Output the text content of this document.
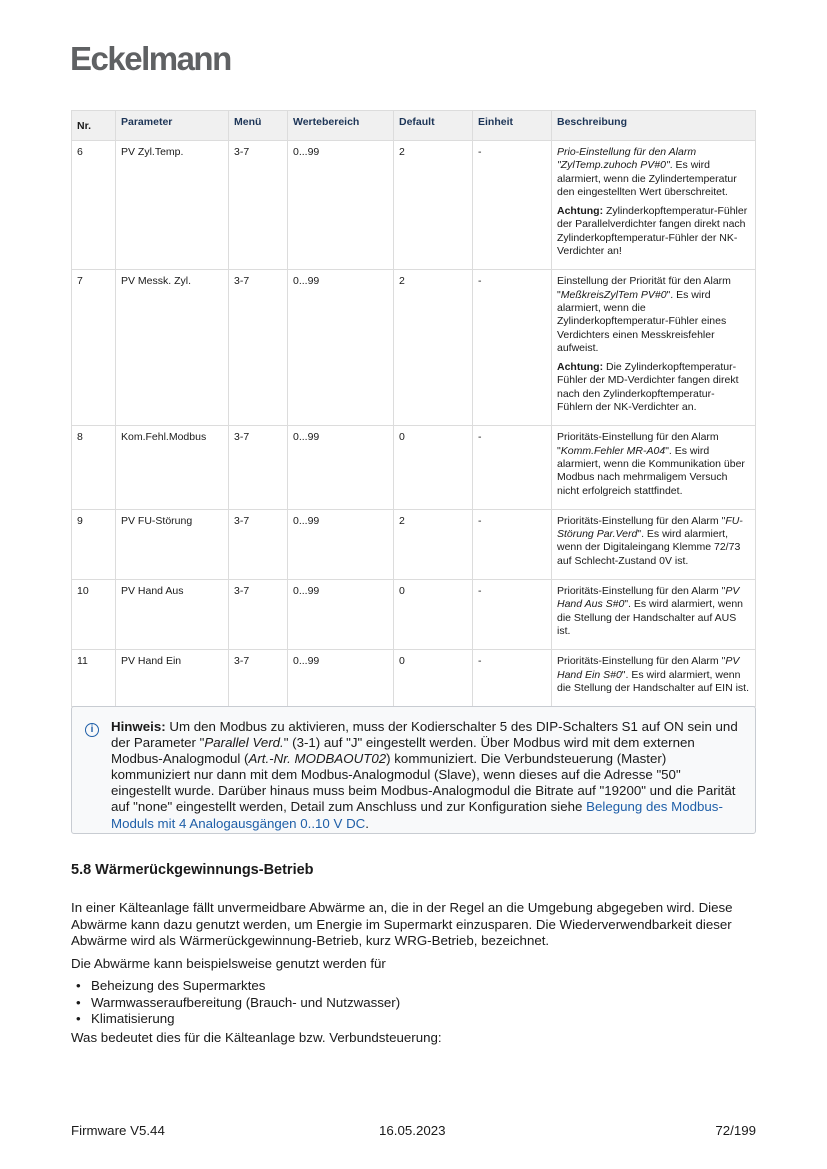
Eckelmann
Nr.	Parameter	Menü	Wertebereich	Default	Einheit	Beschreibung
6	PV Zyl.Temp.	3-7	0...99	2	-	Prio-Einstellung für den Alarm "ZylTemp.zuhoch PV#0". Es wird alarmiert, wenn die Zylindertemperatur den eingestellten Wert überschreitet.

Achtung: Zylinderkopftemperatur-Fühler der Parallelverdichter fangen direkt nach Zylinderkopftemperatur-Fühler der NK-Verdichter an!

7	PV Messk. Zyl.	3-7	0...99	2	-	Einstellung der Priorität für den Alarm "MeßkreisZylTem PV#0". Es wird alarmiert, wenn die Zylinderkopftemperatur-Fühler eines Verdichters einen Messkreisfehler aufweist.

Achtung: Die Zylinderkopftemperatur-Fühler der MD-Verdichter fangen direkt nach den Zylinderkopftemperatur-Fühlern der NK-Verdichter an.

8	Kom.Fehl.Modbus	3-7	0...99	0	-	Prioritäts-Einstellung für den Alarm "Komm.Fehler MR-A04". Es wird alarmiert, wenn die Kommunikation über Modbus nach mehrmaligem Versuch nicht erfolgreich stattfindet.

9	PV FU-Störung	3-7	0...99	2	-	Prioritäts-Einstellung für den Alarm "FU-Störung Par.Verd". Es wird alarmiert, wenn der Digitaleingang Klemme 72/73 auf Schlecht-Zustand 0V ist.

10	PV Hand Aus	3-7	0...99	0	-	Prioritäts-Einstellung für den Alarm "PV Hand Aus S#0". Es wird alarmiert, wenn die Stellung der Handschalter auf AUS ist.

11	PV Hand Ein	3-7	0...99	0	-	Prioritäts-Einstellung für den Alarm "PV Hand Ein S#0". Es wird alarmiert, wenn die Stellung der Handschalter auf EIN ist.

i	Hinweis: Um den Modbus zu aktivieren, muss der Kodierschalter 5 des DIP-Schalters S1 auf ON sein und der Parameter "Parallel Verd." (3-1) auf "J" eingestellt werden. Über Modbus wird mit dem externen Modbus-Analogmodul (Art.-Nr. MODBAOUT02) kommuniziert. Die Verbundsteuerung (Master) kommuniziert nur dann mit dem Modbus-Analogmodul (Slave), wenn dieses auf die Adresse "50" eingestellt wurde. Darüber hinaus muss beim Modbus-Analogmodul die Bitrate auf "19200" und die Parität auf "none" eingestellt werden, Detail zum Anschluss und zur Konfiguration siehe Belegung des Modbus-Moduls mit 4 Analogausgängen 0..10 V DC.
5.8 Wärmerückgewinnungs-Betrieb

In einer Kälteanlage fällt unvermeidbare Abwärme an, die in der Regel an die Umgebung abgegeben wird. Diese Abwärme kann dazu genutzt werden, um Energie im Supermarkt einzusparen. Die Wiederverwendbarkeit dieser Abwärme wird als Wärmerückgewinnung-Betrieb, kurz WRG-Betrieb, bezeichnet.

Die Abwärme kann beispielsweise genutzt werden für

• Beheizung des Supermarktes
• Warmwasseraufbereitung (Brauch- und Nutzwasser)
• Klimatisierung

Was bedeutet dies für die Kälteanlage bzw. Verbundsteuerung:

Firmware V5.44	16.05.2023	72/199
